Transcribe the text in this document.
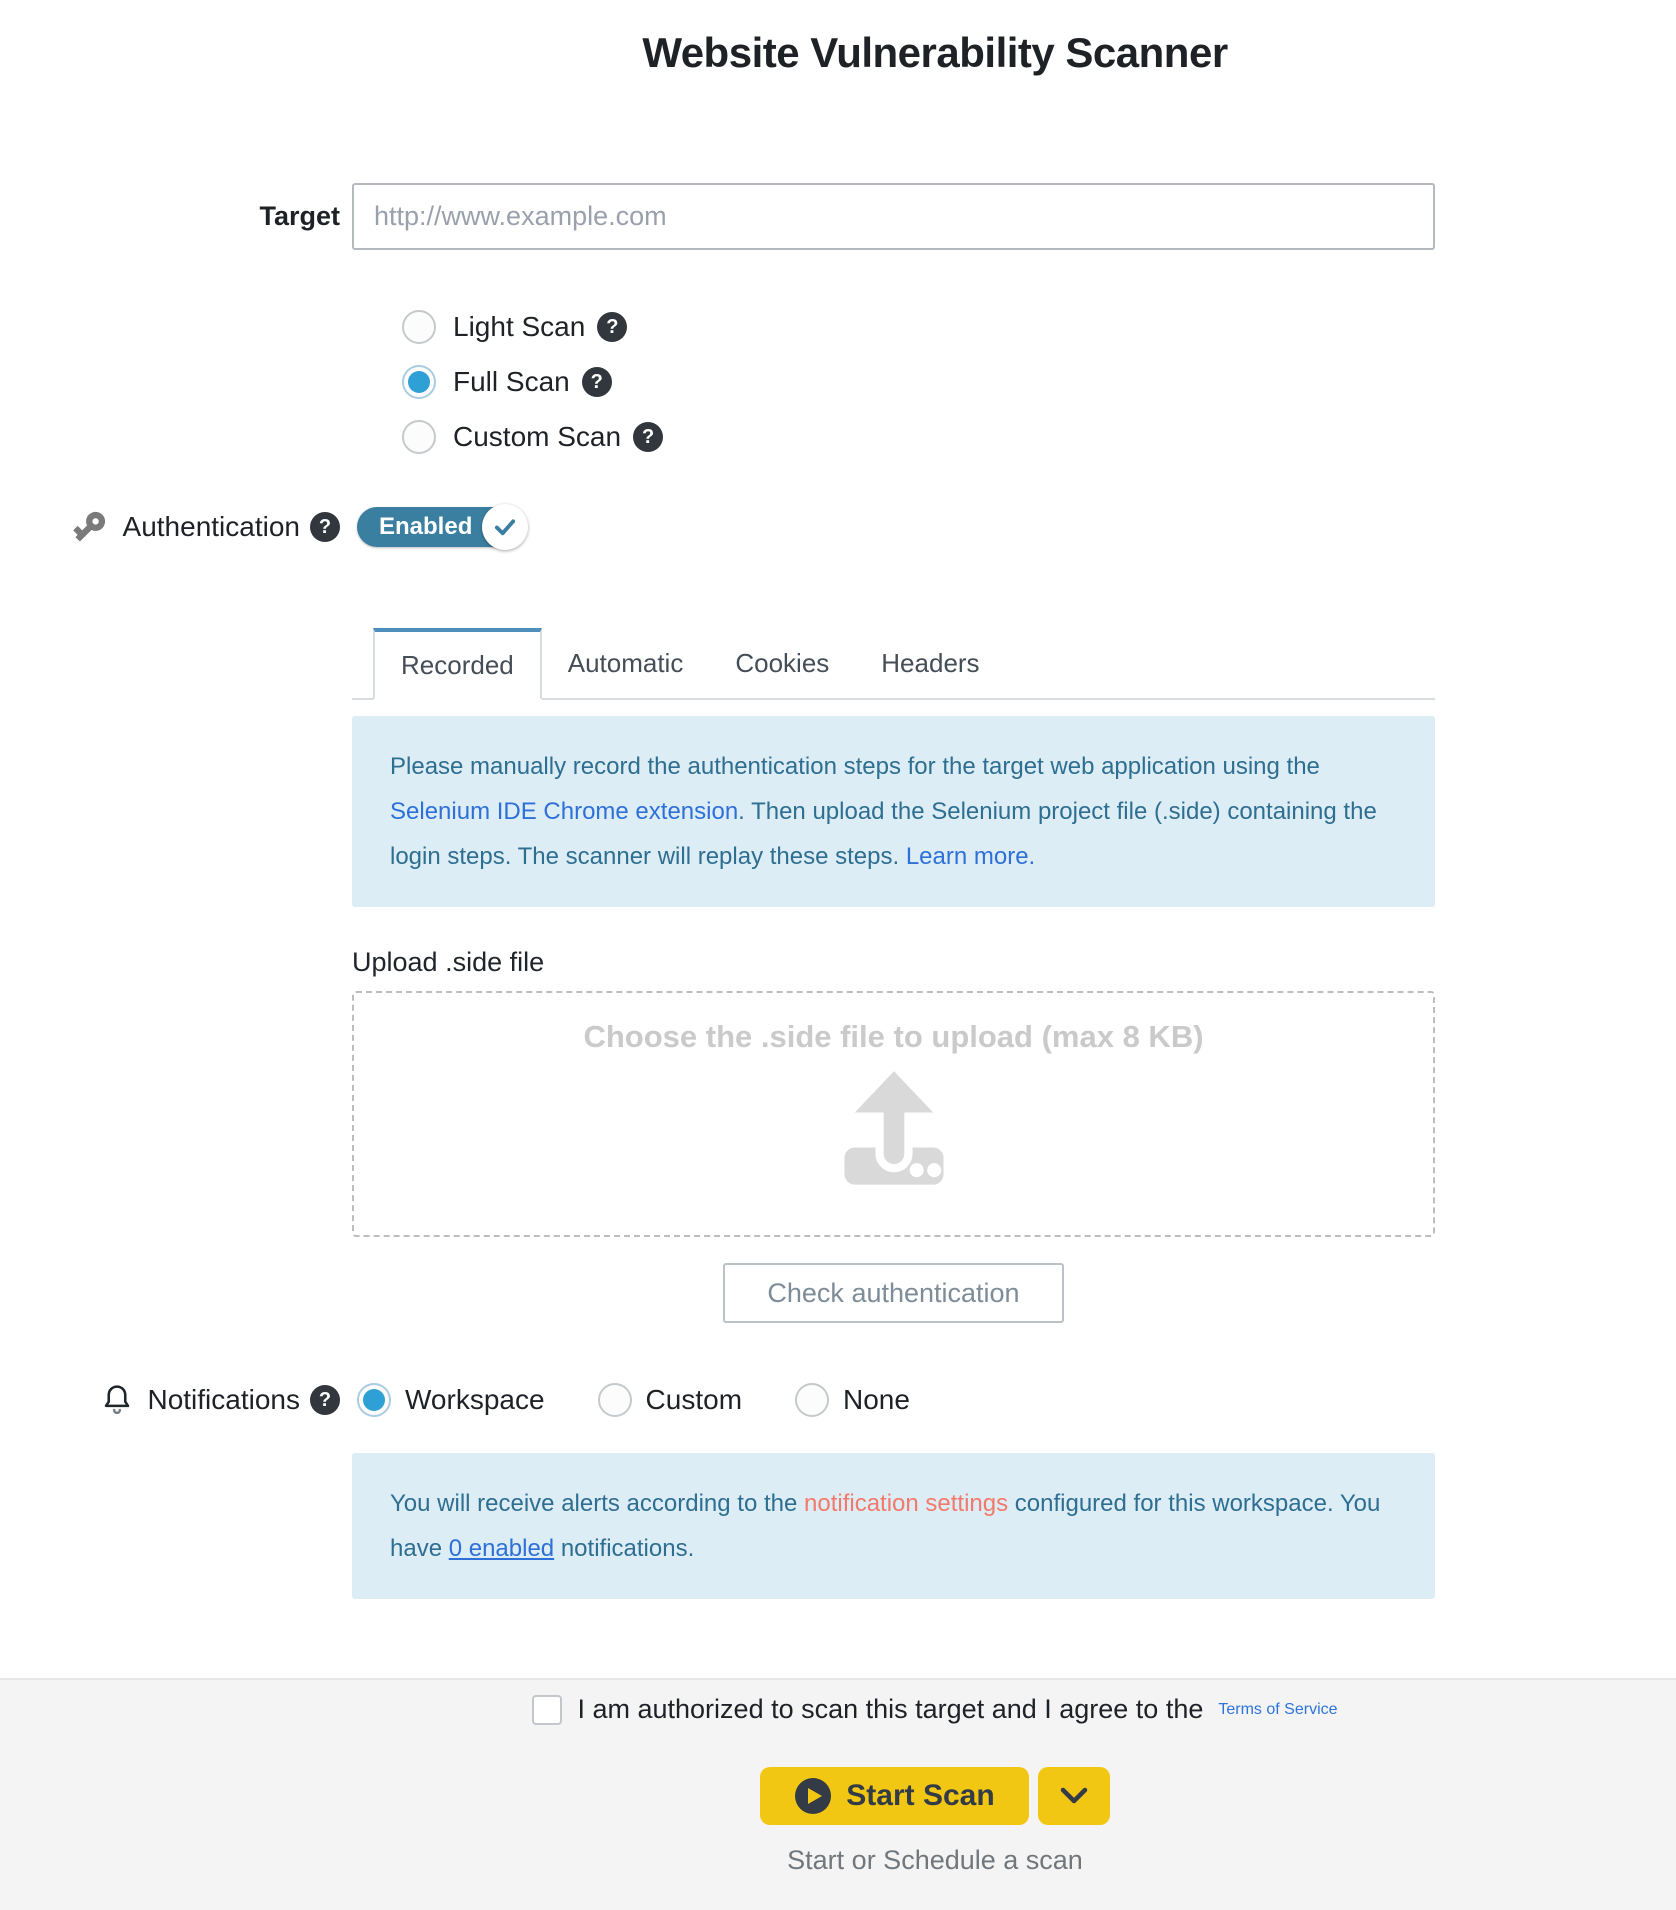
Website Vulnerability Scanner
Target
http://www.example.com
Light Scan	?
Full Scan	?
Custom Scan	?
Authentication ?	Enabled
Recorded	Automatic	Cookies	Headers
Please manually record the authentication steps for the target web application using the Selenium IDE Chrome extension. Then upload the Selenium project file (.side) containing the login steps. The scanner will replay these steps. Learn more.
Upload .side file
Choose the .side file to upload (max 8 KB)
Check authentication
Notifications ?	Workspace	Custom	None
You will receive alerts according to the notification settings configured for this workspace. You have 0 enabled notifications.
I am authorized to scan this target and I agree to the Terms of Service
Start Scan
Start or Schedule a scan
